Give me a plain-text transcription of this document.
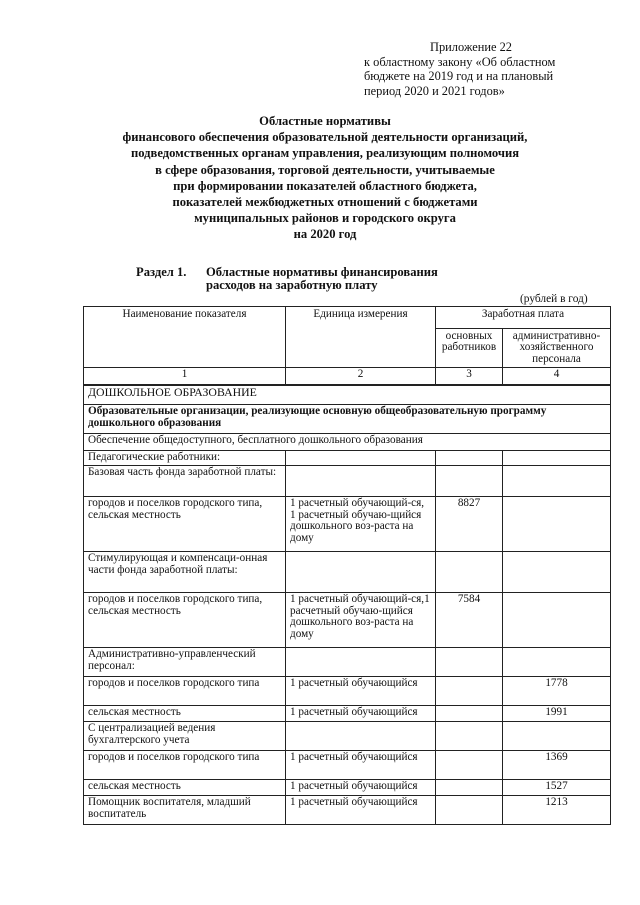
Приложение 22
к областному закону «Об областном
бюджете на 2019 год и на плановый
период 2020 и 2021 годов»
Областные нормативы
финансового обеспечения образовательной деятельности организаций,
подведомственных органам управления, реализующим полномочия
в сфере образования, торговой деятельности, учитываемые
при формировании показателей областного бюджета,
показателей межбюджетных отношений с бюджетами
муниципальных районов и городского округа
на 2020 год
Раздел 1. Областные нормативы финансирования
расходов на заработную плату
(рублей в год)
Наименование показателя	Единица измерения	Заработная плата	
		основных работников	административно-хозяйственного персонала
1	2	3	4
ДОШКОЛЬНОЕ ОБРАЗОВАНИЕ			
Образовательные организации, реализующие основную общеобразовательную программу дошкольного образования			
Обеспечение общедоступного, бесплатного дошкольного образования			
Педагогические работники:			
Базовая часть фонда заработной платы:			
городов и поселков городского типа, сельская местность	1 расчетный обучающий-ся, 1 расчетный обучаю-щийся дошкольного воз-раста на дому	8827	
Стимулирующая и компенсаци-онная части фонда заработной платы:			
городов и поселков городского типа, сельская местность	1 расчетный обучающий-ся,1 расчетный обучаю-щийся дошкольного воз-раста на дому	7584	
Административно-управленческий персонал:			
городов и поселков городского типа	1 расчетный обучающийся		1778
сельская местность	1 расчетный обучающийся		1991
С централизацией ведения бухгалтерского учета			
городов и поселков городского типа	1 расчетный обучающийся		1369
сельская местность	1 расчетный обучающийся		1527
Помощник воспитателя, младший воспитатель	1 расчетный обучающийся		1213
